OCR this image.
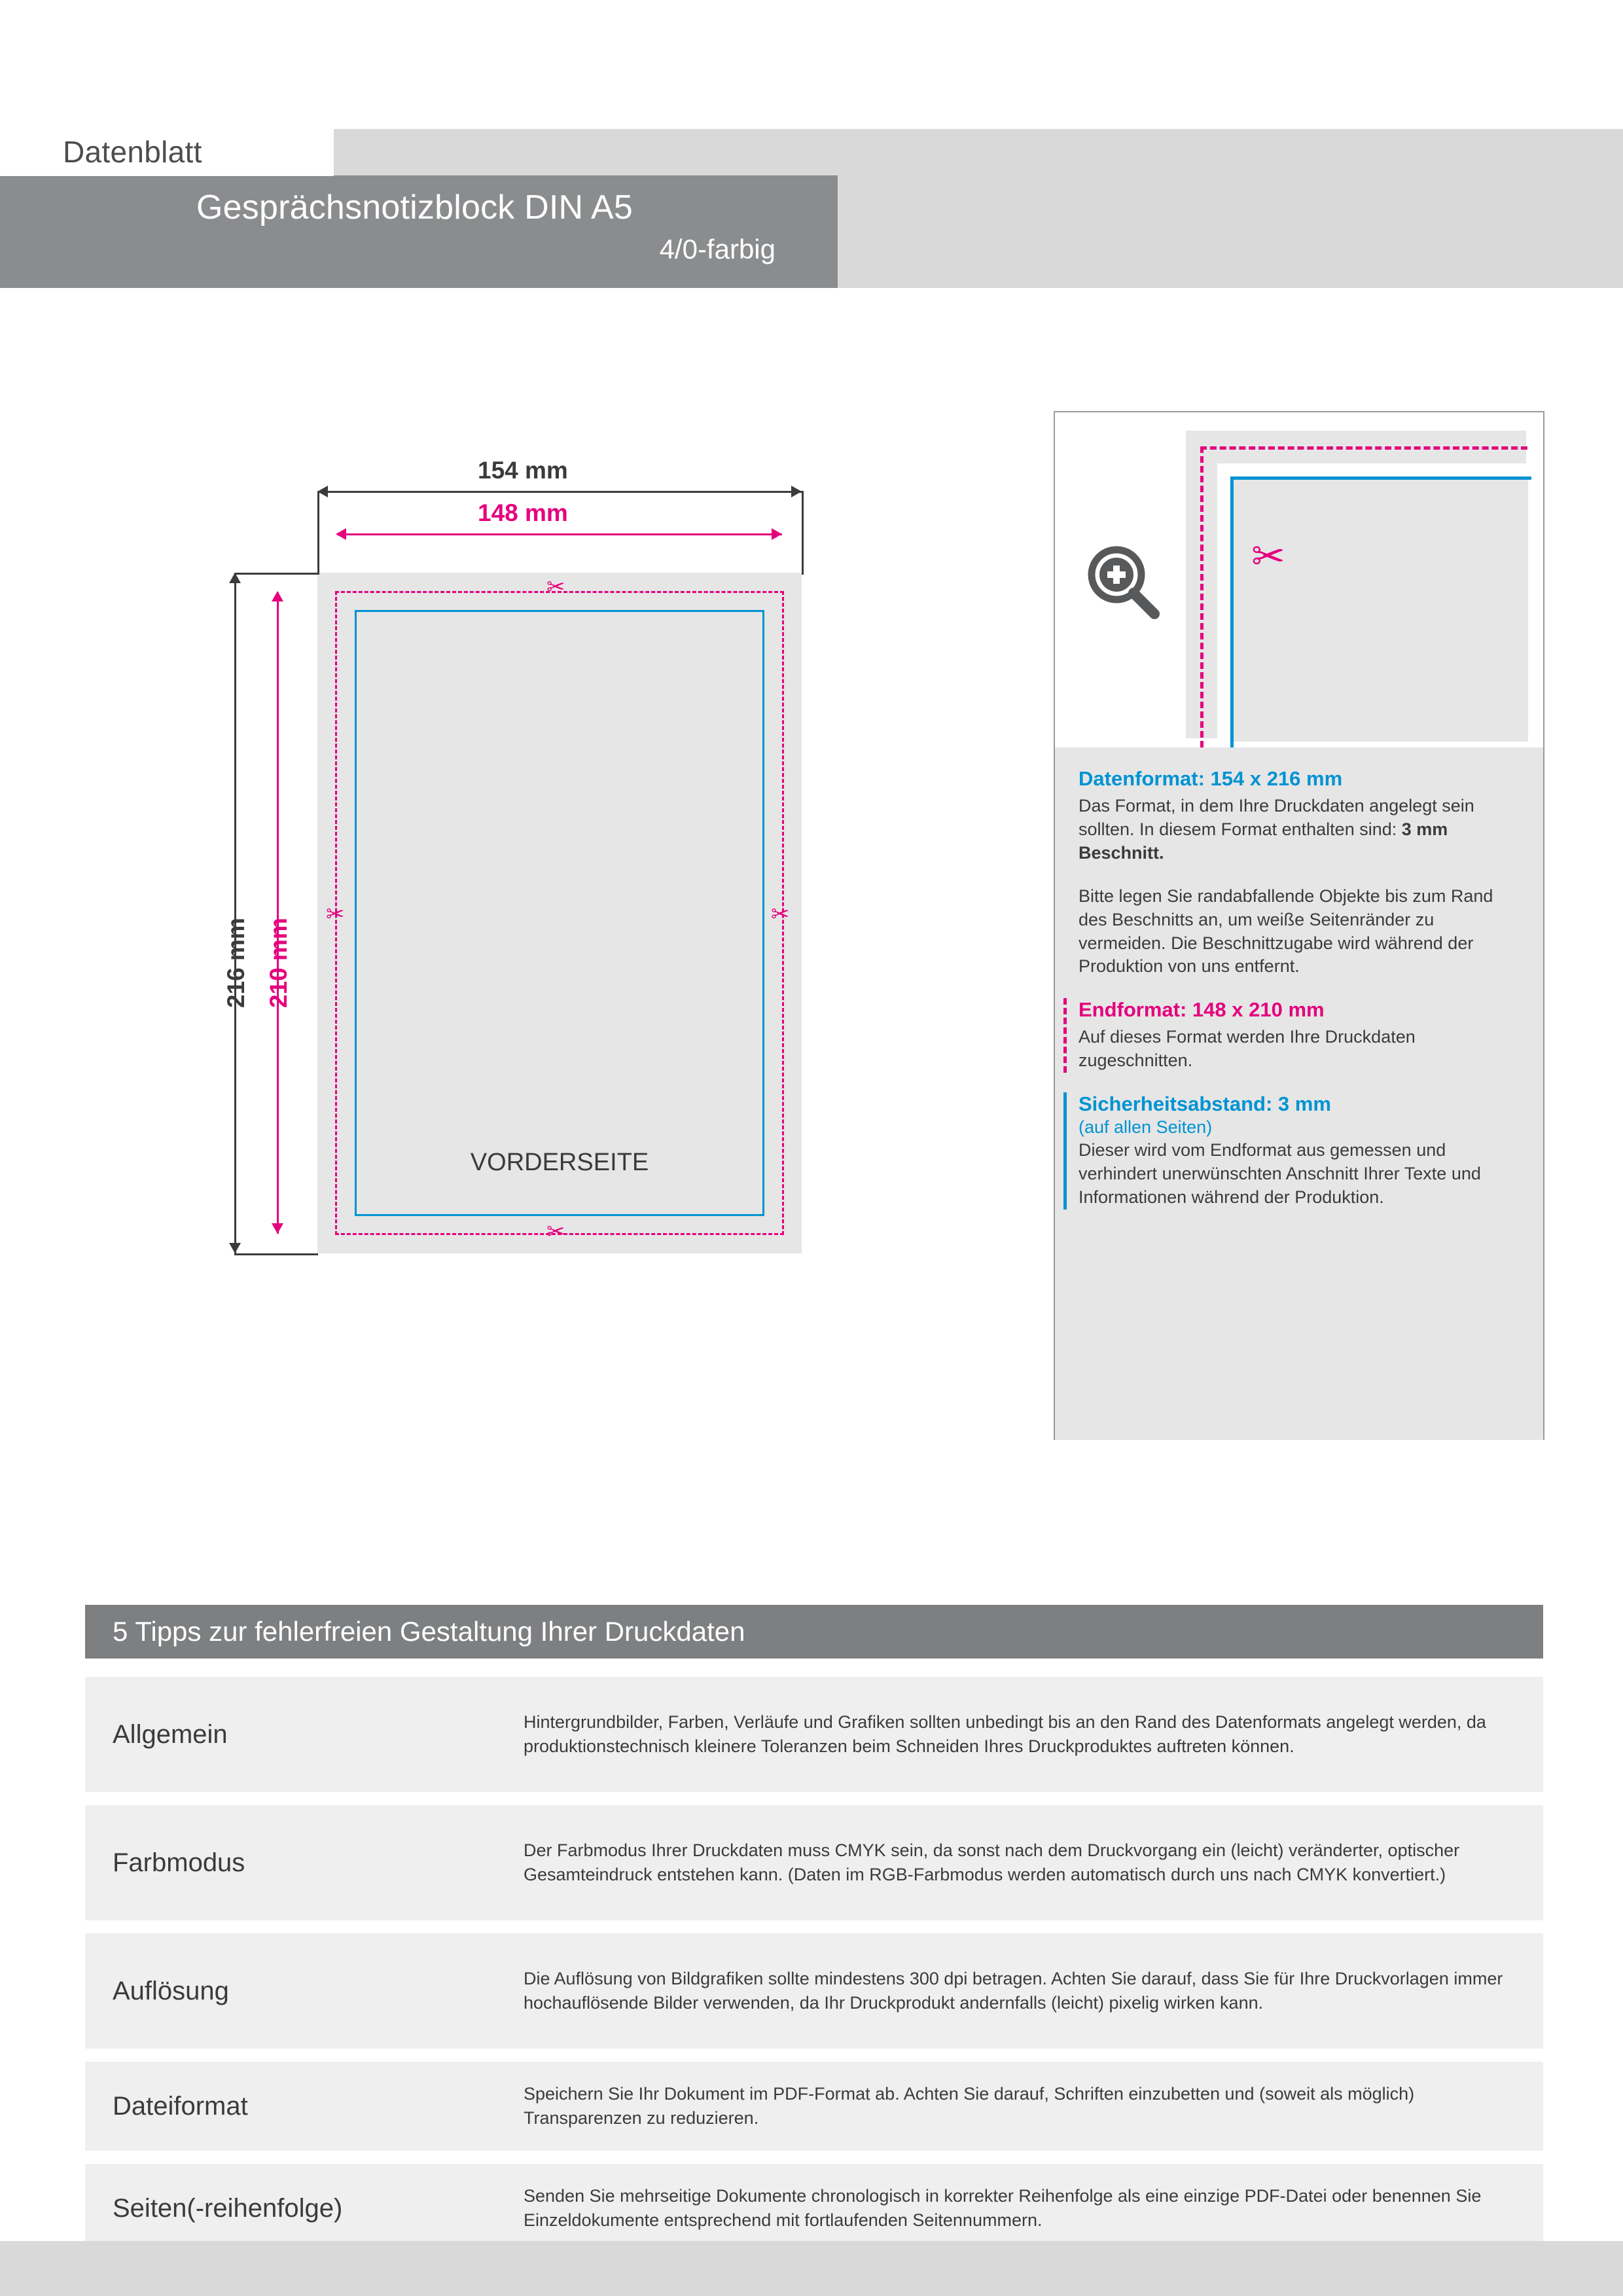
Datenblatt
Gesprächsnotizblock DIN A5
4/0-farbig
VORDERSEITE
154 mm
148 mm
216 mm 210 mm
✂	✂
✂
✂
✂
Datenformat: 154 x 216 mm

Das Format, in dem Ihre Druckdaten angelegt sein sollten. In diesem Format enthalten sind: 3 mm Beschnitt.

Bitte legen Sie randabfallende Objekte bis zum Rand des Beschnitts an, um weiße Seitenränder zu vermeiden. Die Beschnittzugabe wird während der Produktion von uns entfernt.

Endformat: 148 x 210 mm

Auf dieses Format werden Ihre Druckdaten zugeschnitten.

Sicherheitsabstand: 3 mm
(auf allen Seiten)

Dieser wird vom Endformat aus gemessen und verhindert unerwünschten Anschnitt Ihrer Texte und Informationen während der Produktion.

5 Tipps zur fehlerfreien Gestaltung Ihrer Druckdaten
Allgemein	Hintergrundbilder, Farben, Verläufe und Grafiken sollten unbedingt bis an den Rand des Datenformats angelegt werden, da produktionstechnisch kleinere Toleranzen beim Schneiden Ihres Druckproduktes auftreten können.
Farbmodus	Der Farbmodus Ihrer Druckdaten muss CMYK sein, da sonst nach dem Druckvorgang ein (leicht) veränderter, optischer Gesamteindruck entstehen kann. (Daten im RGB-Farbmodus werden automatisch durch uns nach CMYK konvertiert.)
Auflösung	Die Auflösung von Bildgrafiken sollte mindestens 300 dpi betragen. Achten Sie darauf, dass Sie für Ihre Druckvorlagen immer hochauflösende Bilder verwenden, da Ihr Druckprodukt andernfalls (leicht) pixelig wirken kann.
Dateiformat	Speichern Sie Ihr Dokument im PDF-Format ab. Achten Sie darauf, Schriften einzubetten und (soweit als möglich) Transparenzen zu reduzieren.
Seiten(-reihenfolge)	Senden Sie mehrseitige Dokumente chronologisch in korrekter Reihenfolge als eine einzige PDF-Datei oder benennen Sie Einzeldokumente entsprechend mit fortlaufenden Seitennummern.
